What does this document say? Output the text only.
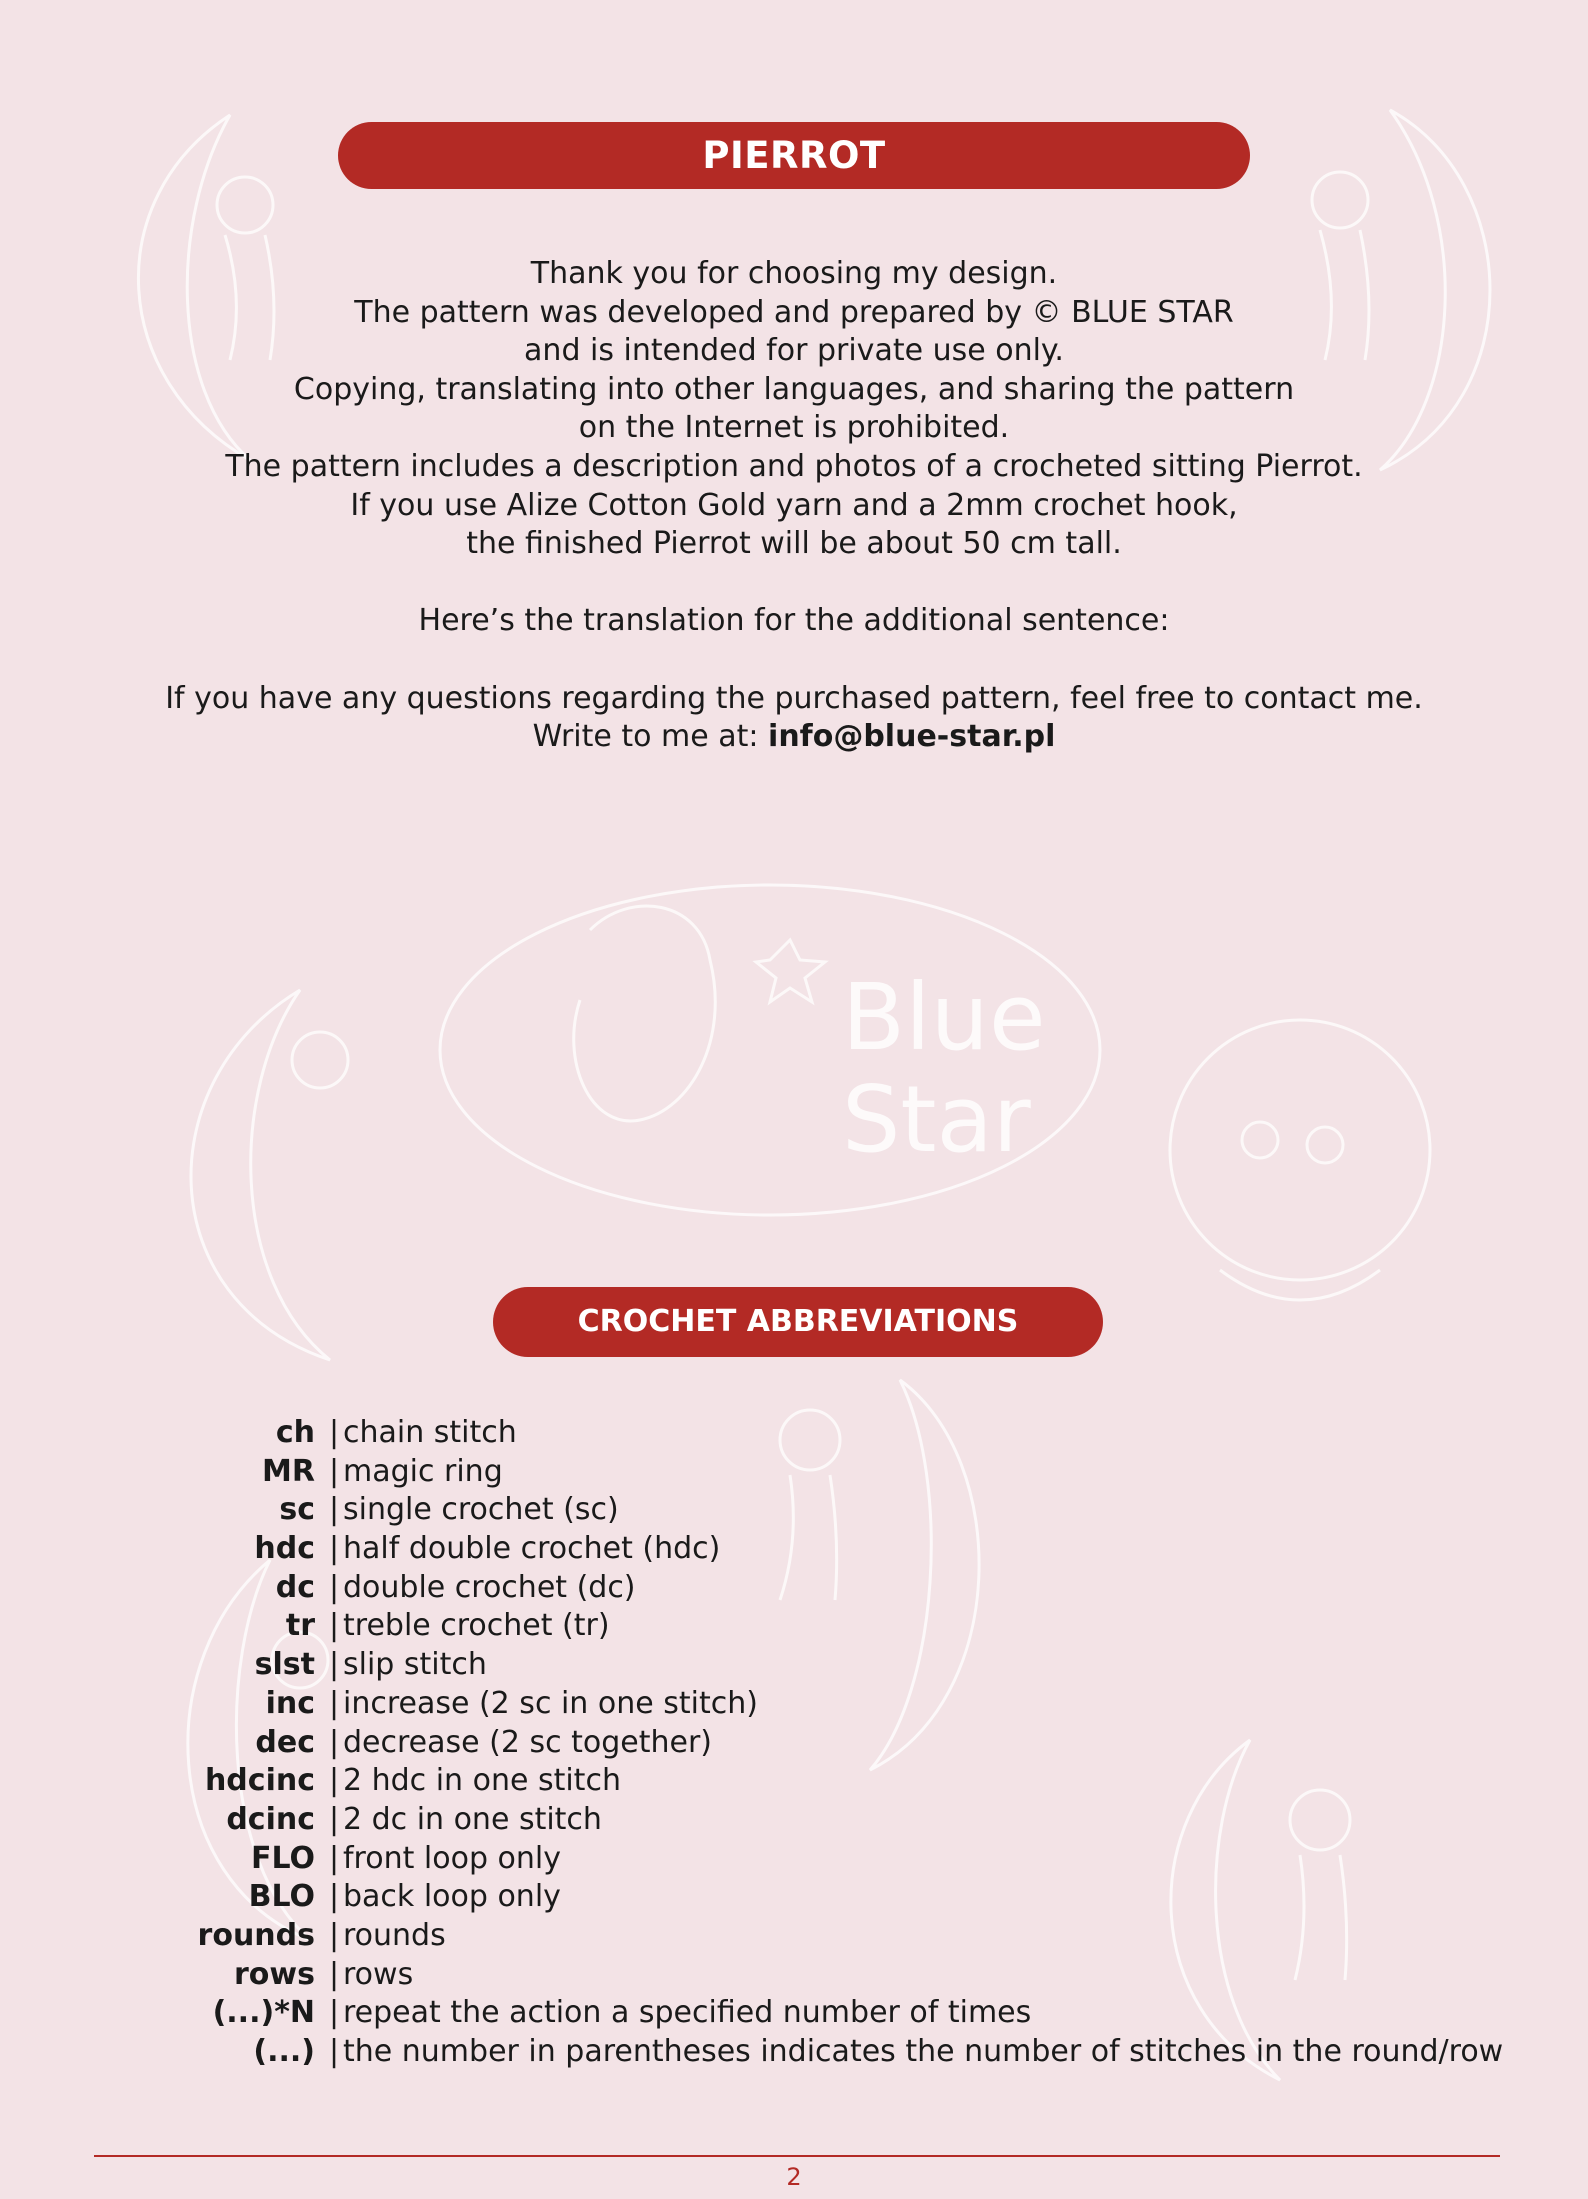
Blue
Star
PIERROT

Thank you for choosing my design.

The pattern was developed and prepared by © BLUE STAR

and is intended for private use only.

Copying, translating into other languages, and sharing the pattern

on the Internet is prohibited.

The pattern includes a description and photos of a crocheted sitting Pierrot.

If you use Alize Cotton Gold yarn and a 2mm crochet hook,

the finished Pierrot will be about 50 cm tall.

Here’s the translation for the additional sentence:

If you have any questions regarding the purchased pattern, feel free to contact me.

Write to me at: info@blue-star.pl

CROCHET ABBREVIATIONS
ch | chain stitch
MR | magic ring
sc | single crochet (sc)
hdc | half double crochet (hdc)
dc | double crochet (dc)
tr | treble crochet (tr)
slst | slip stitch
inc | increase (2 sc in one stitch)
dec | decrease (2 sc together)
hdcinc | 2 hdc in one stitch
dcinc | 2 dc in one stitch
FLO | front loop only
BLO | back loop only
rounds | rounds
rows | rows
(...)*N | repeat the action a specified number of times
(...) | the number in parentheses indicates the number of stitches in the round/row
2
